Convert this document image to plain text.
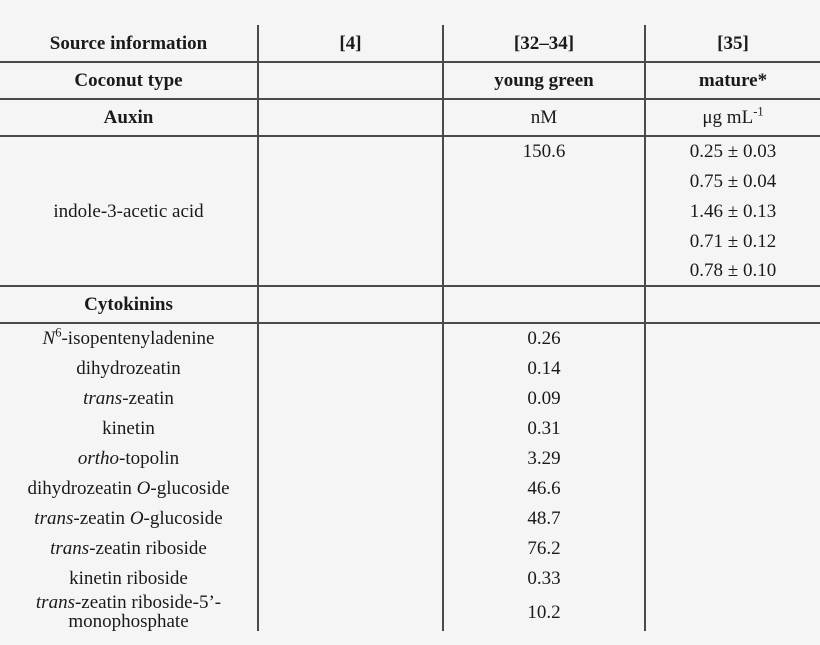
Source information	[4]	[32–34]	[35]
Coconut type		young green	mature*
Auxin		nM	μg $mL^{-1}$
indole-3-acetic acid		150.6	0.25 ± 0.03
			0.75 ± 0.04
			1.46 ± 0.13
			0.71 ± 0.12
			0.78 ± 0.10
Cytokinins			
$N^6$-isopentenyladenine		0.26	
dihydrozeatin		0.14	
trans-zeatin		0.09	
kinetin		0.31	
ortho-topolin		3.29	
dihydrozeatin O-glucoside		46.6	
trans-zeatin O-glucoside		48.7	
trans-zeatin riboside		76.2	
kinetin riboside		0.33	
trans-zeatin riboside-5’-
monophosphate		10.2	
